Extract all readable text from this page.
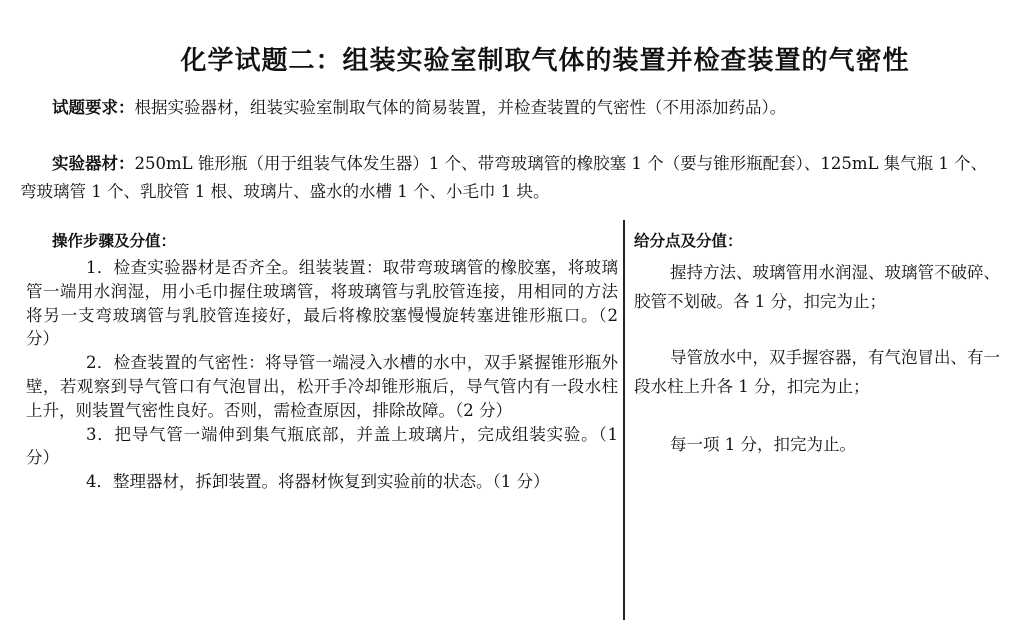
化学试题二：组装实验室制取气体的装置并检查装置的气密性
试题要求：根据实验器材，组装实验室制取气体的简易装置，并检查装置的气密性（不用添加药品）。
实验器材：250mL 锥形瓶（用于组装气体发生器）1 个、带弯玻璃管的橡胶塞 1 个（要与锥形瓶配套）、125mL 集气瓶 1 个、弯玻璃管 1 个、乳胶管 1 根、玻璃片、盛水的水槽 1 个、小毛巾 1 块。
操作步骤及分值：

1．检查实验器材是否齐全。组装装置：取带弯玻璃管的橡胶塞，将玻璃管一端用水润湿，用小毛巾握住玻璃管，将玻璃管与乳胶管连接，用相同的方法将另一支弯玻璃管与乳胶管连接好，最后将橡胶塞慢慢旋转塞进锥形瓶口。（2 分）

2．检查装置的气密性：将导管一端浸入水槽的水中，双手紧握锥形瓶外壁，若观察到导气管口有气泡冒出，松开手冷却锥形瓶后，导气管内有一段水柱上升，则装置气密性良好。否则，需检查原因，排除故障。（2 分）

3．把导气管一端伸到集气瓶底部，并盖上玻璃片，完成组装实验。（1 分）

4．整理器材，拆卸装置。将器材恢复到实验前的状态。（1 分）

给分点及分值：

握持方法、玻璃管用水润湿、玻璃管不破碎、胶管不划破。各 1 分，扣完为止；

导管放水中，双手握容器，有气泡冒出、有一段水柱上升各 1 分，扣完为止；

每一项 1 分，扣完为止。
